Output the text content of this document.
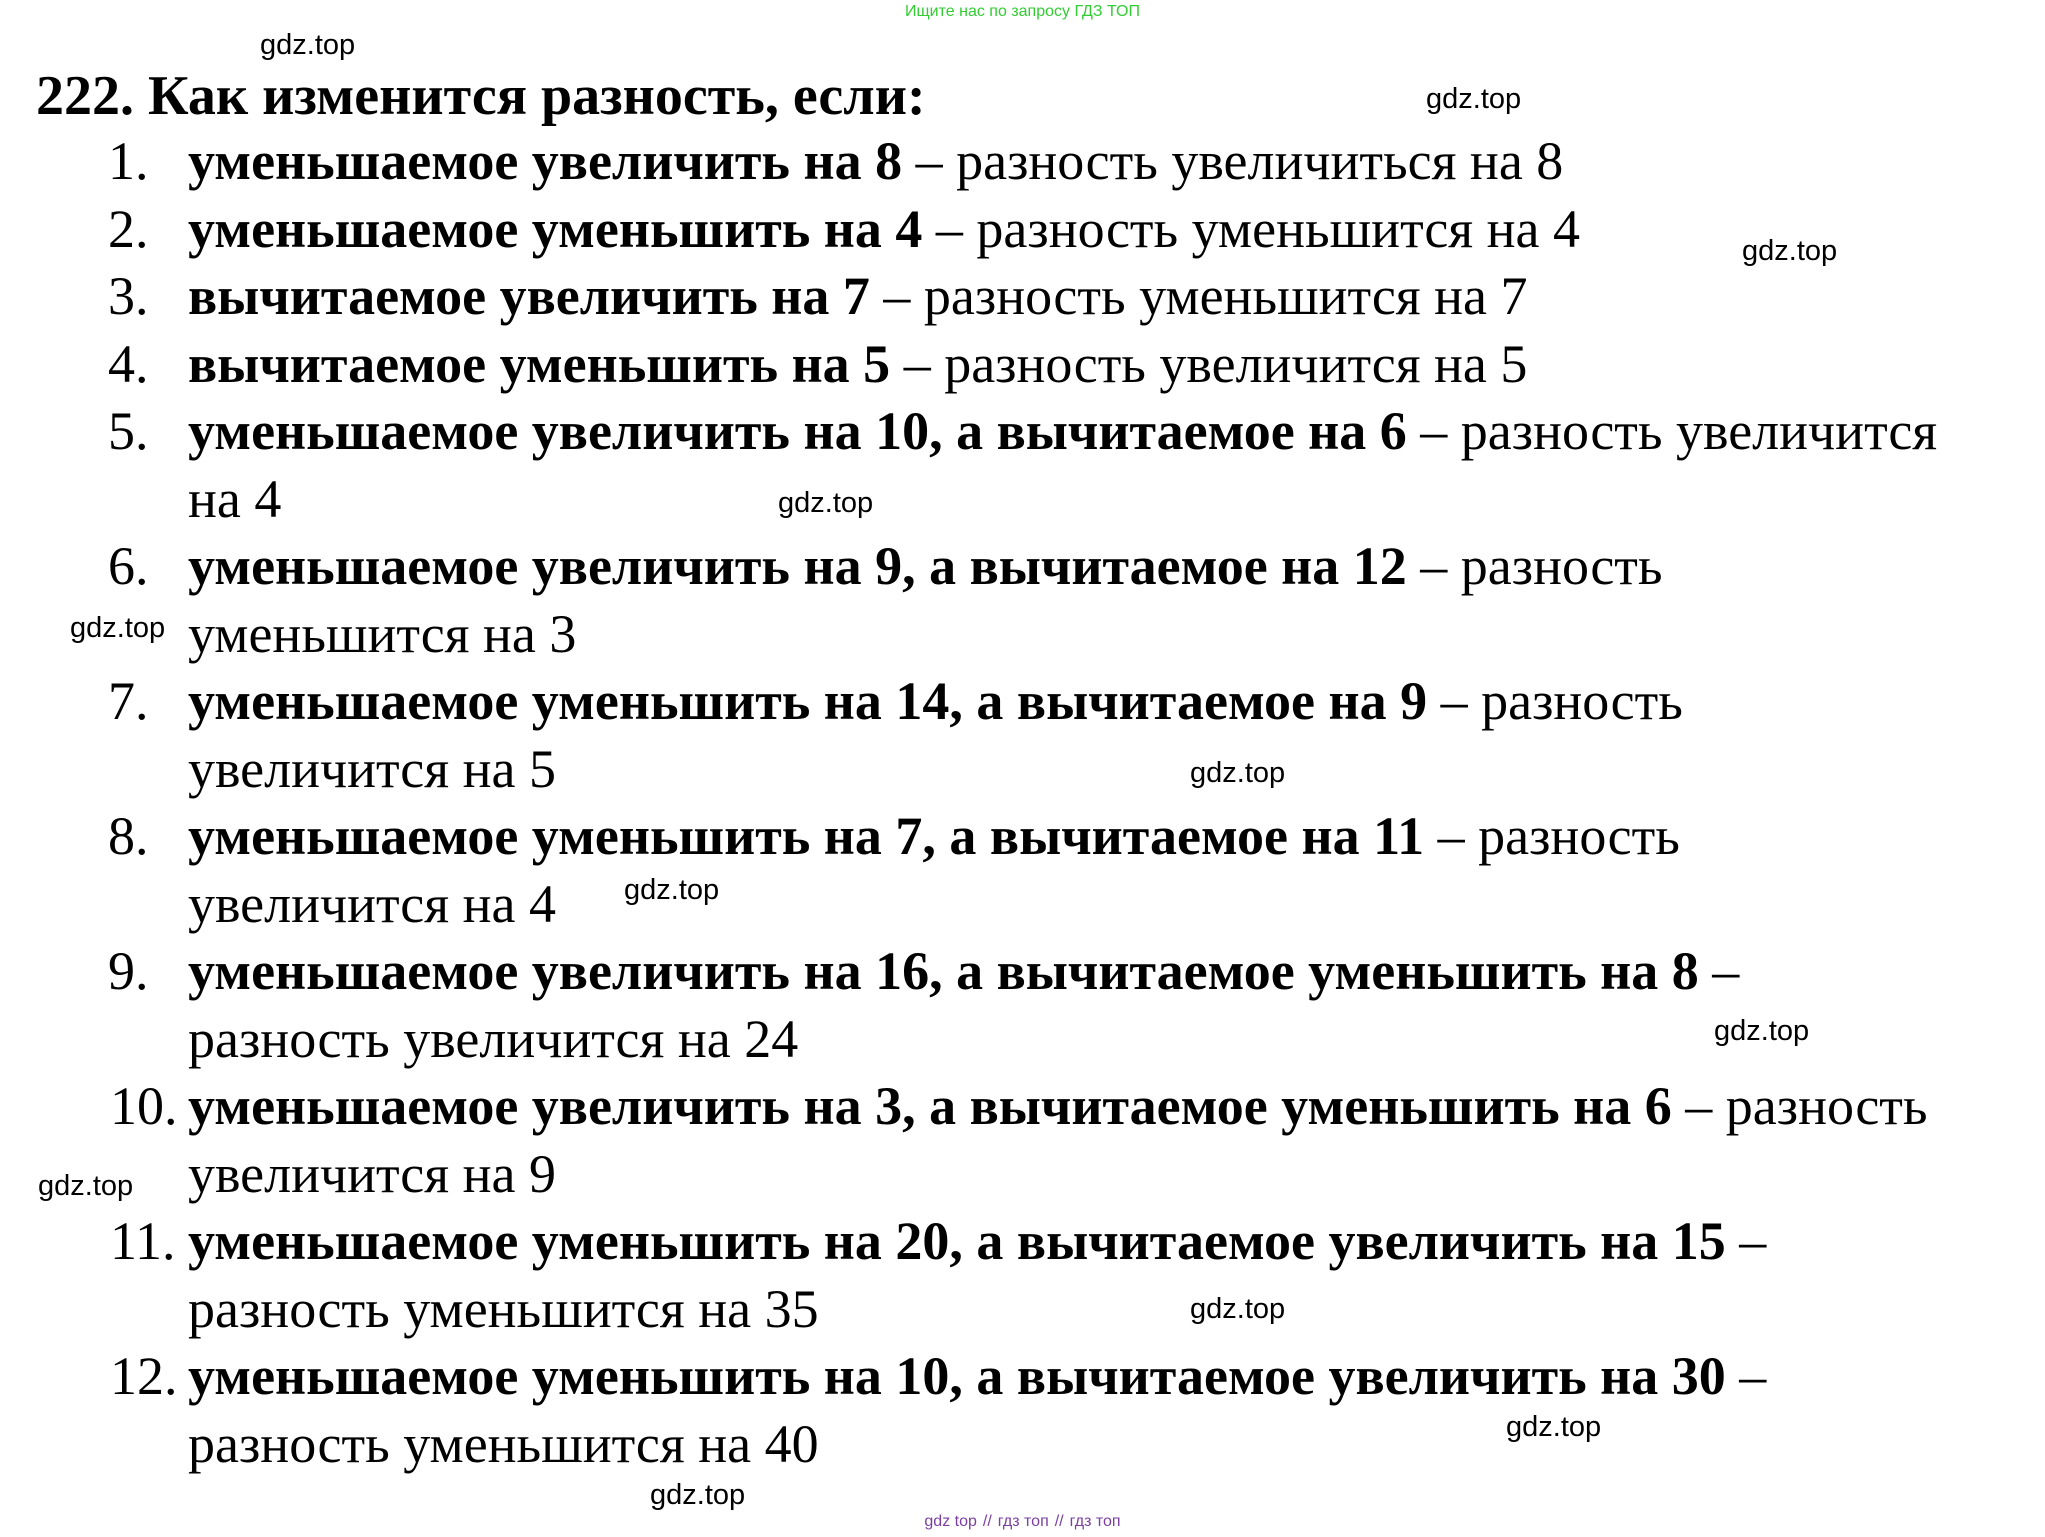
Ищите нас по запросу ГДЗ ТОП
222. Как изменится разность, если:
1. уменьшаемое увеличить на 8 – разность увеличиться на 8
2. уменьшаемое уменьшить на 4 – разность уменьшится на 4
3. вычитаемое увеличить на 7 – разность уменьшится на 7
4. вычитаемое уменьшить на 5 – разность увеличится на 5
5. уменьшаемое увеличить на 10, а вычитаемое на 6 – разность увеличится на 4
6. уменьшаемое увеличить на 9, а вычитаемое на 12 – разность уменьшится на 3
7. уменьшаемое уменьшить на 14, а вычитаемое на 9 – разность увеличится на 5
8. уменьшаемое уменьшить на 7, а вычитаемое на 11 – разность увеличится на 4
9. уменьшаемое увеличить на 16, а вычитаемое уменьшить на 8 – разность увеличится на 24
10. уменьшаемое увеличить на 3, а вычитаемое уменьшить на 6 – разность увеличится на 9
11. уменьшаемое уменьшить на 20, а вычитаемое увеличить на 15 – разность уменьшится на 35
12. уменьшаемое уменьшить на 10, а вычитаемое увеличить на 30 – разность уменьшится на 40
gdz.top
gdz.top
gdz.top
gdz.top
gdz.top
gdz.top
gdz.top
gdz.top
gdz.top
gdz.top
gdz.top
gdz.top
gdz top // гдз топ // гдз топ
